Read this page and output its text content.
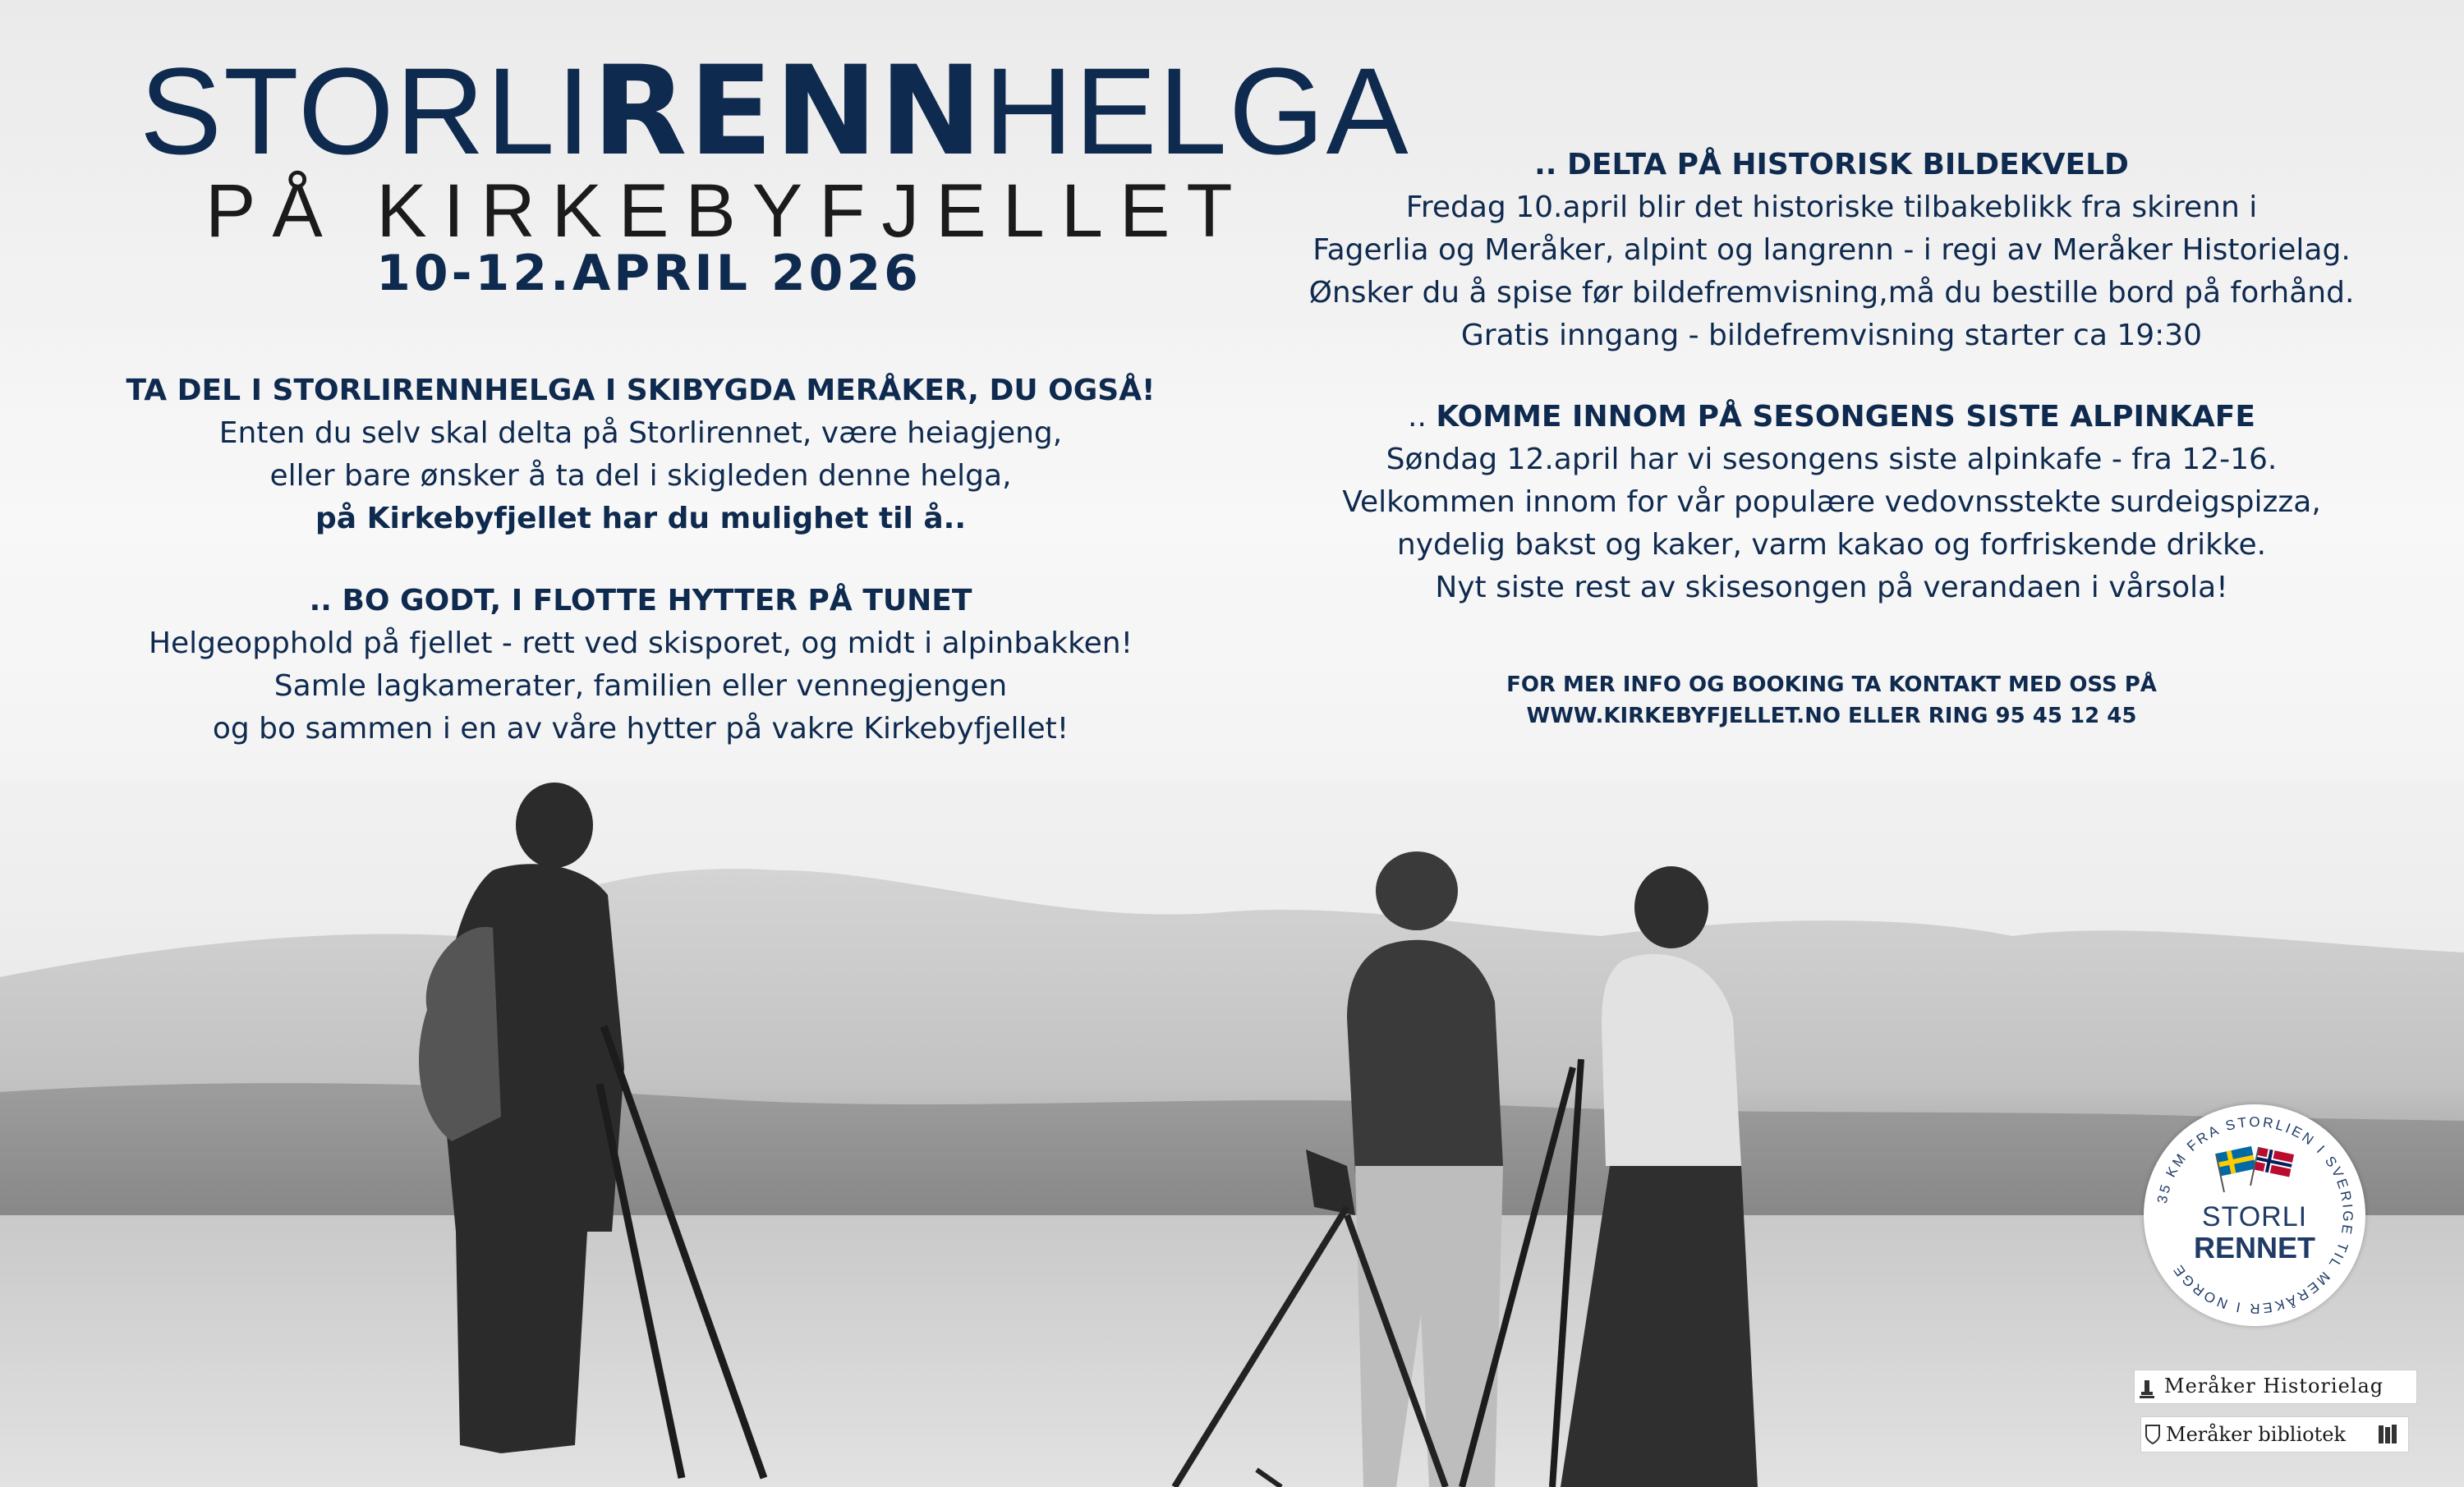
STORLIRENNHELGA
PÅ KIRKEBYFJELLET
10-12.APRIL 2026
TA DEL I STORLIRENNHELGA I SKIBYGDA MERÅKER, DU OGSÅ!
Enten du selv skal delta på Storlirennet, være heiagjeng,
eller bare ønsker å ta del i skigleden denne helga,
på Kirkebyfjellet har du mulighet til å..
.. BO GODT, I FLOTTE HYTTER PÅ TUNET
Helgeopphold på fjellet - rett ved skisporet, og midt i alpinbakken!
Samle lagkamerater, familien eller vennegjengen
og bo sammen i en av våre hytter på vakre Kirkebyfjellet!
.. DELTA PÅ HISTORISK BILDEKVELD
Fredag 10.april blir det historiske tilbakeblikk fra skirenn i
Fagerlia og Meråker, alpint og langrenn - i regi av Meråker Historielag.
Ønsker du å spise før bildefremvisning,må du bestille bord på forhånd.
Gratis inngang - bildefremvisning starter ca 19:30
.. KOMME INNOM PÅ SESONGENS SISTE ALPINKAFE
Søndag 12.april har vi sesongens siste alpinkafe - fra 12-16.
Velkommen innom for vår populære vedovnsstekte surdeigspizza,
nydelig bakst og kaker, varm kakao og forfriskende drikke.
Nyt siste rest av skisesongen på verandaen i vårsola!
FOR MER INFO OG BOOKING TA KONTAKT MED OSS PÅ
WWW.KIRKEBYFJELLET.NO ELLER RING 95 45 12 45
35 KM FRA STORLIEN I SVERIGE TIL MERÅKER I NORGE
STORLI
RENNET
Meråker Historielag
Meråker bibliotek
